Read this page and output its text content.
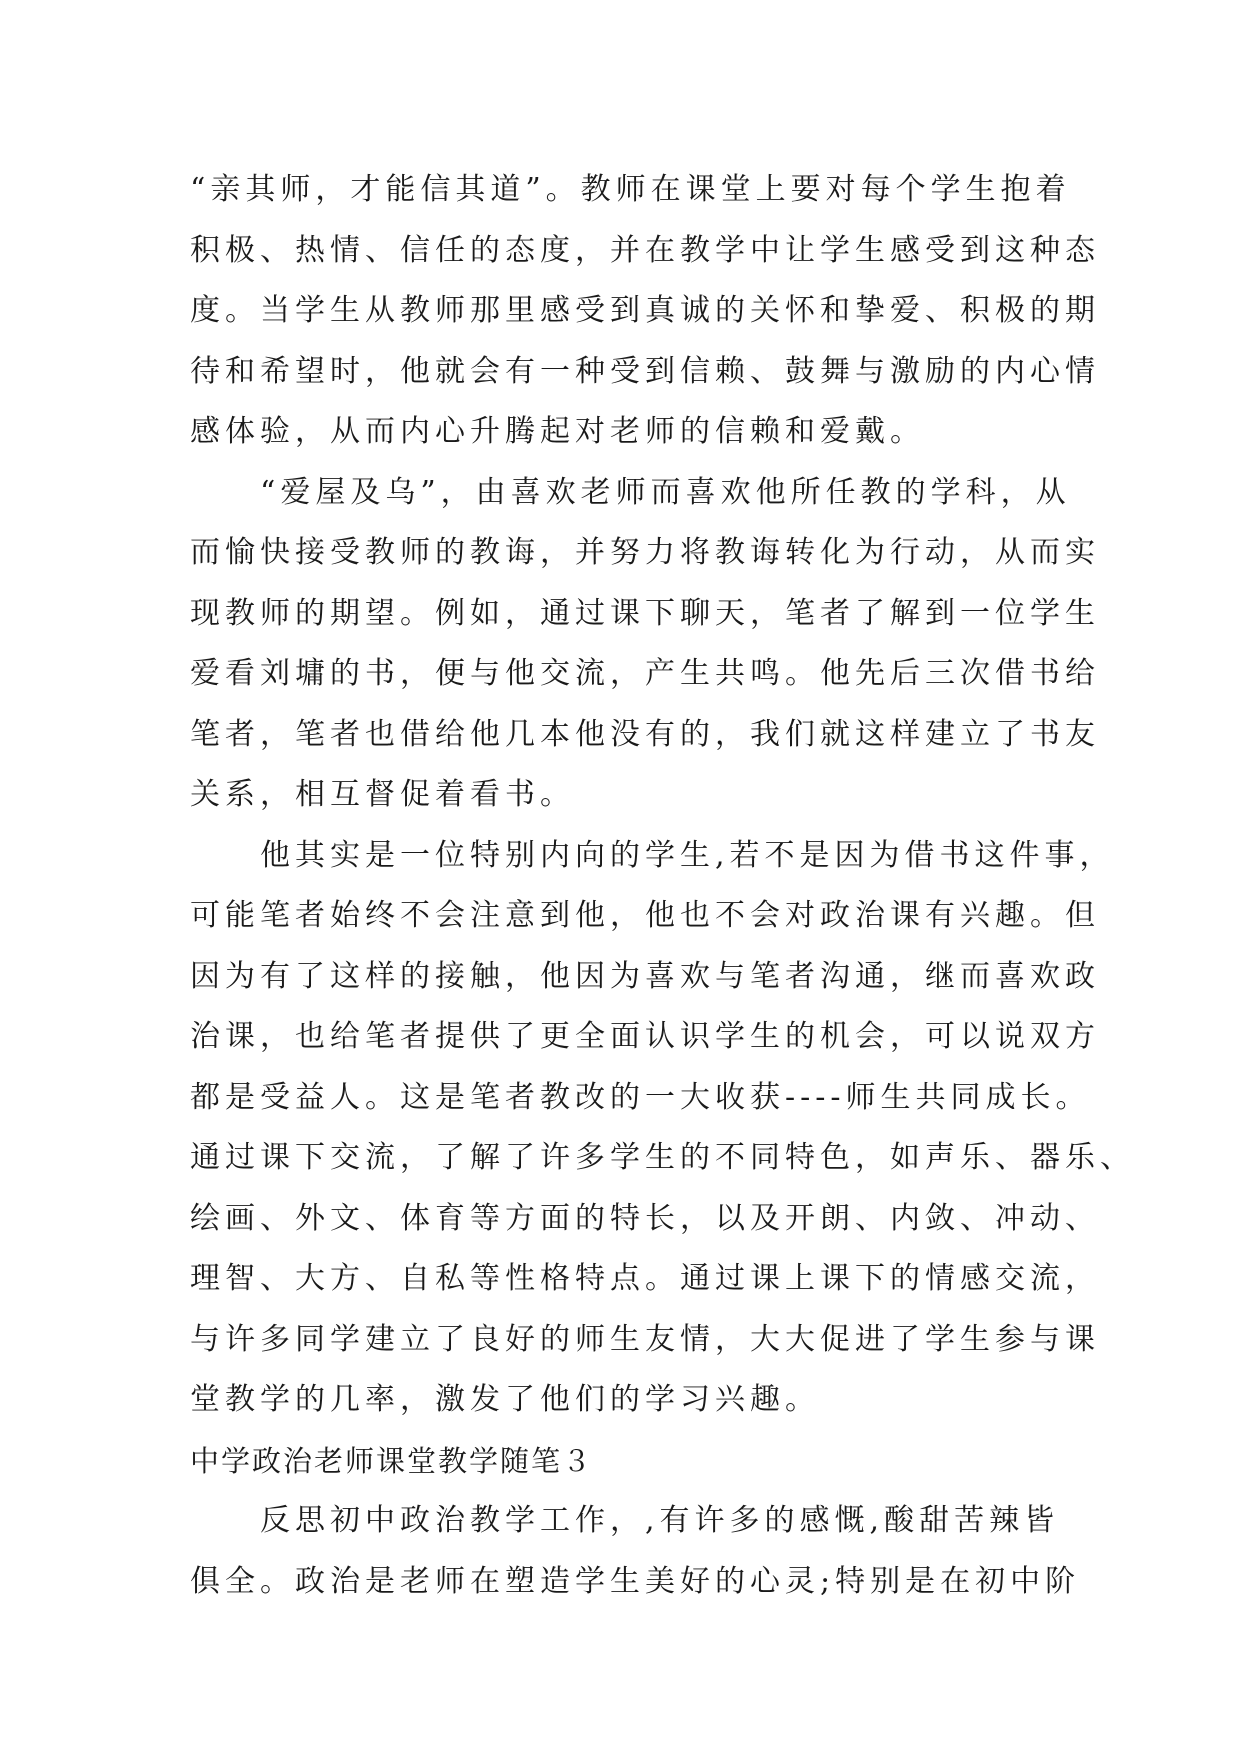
“亲其师，才能信其道”。教师在课堂上要对每个学生抱着
积极、热情、信任的态度，并在教学中让学生感受到这种态
度。当学生从教师那里感受到真诚的关怀和挚爱、积极的期
待和希望时，他就会有一种受到信赖、鼓舞与激励的内心情
感体验，从而内心升腾起对老师的信赖和爱戴。
　　“爱屋及乌”，由喜欢老师而喜欢他所任教的学科，从
而愉快接受教师的教诲，并努力将教诲转化为行动，从而实
现教师的期望。例如，通过课下聊天，笔者了解到一位学生
爱看刘墉的书，便与他交流，产生共鸣。他先后三次借书给
笔者，笔者也借给他几本他没有的，我们就这样建立了书友
关系，相互督促着看书。
　　他其实是一位特别内向的学生,若不是因为借书这件事，
可能笔者始终不会注意到他，他也不会对政治课有兴趣。但
因为有了这样的接触，他因为喜欢与笔者沟通，继而喜欢政
治课，也给笔者提供了更全面认识学生的机会，可以说双方
都是受益人。这是笔者教改的一大收获----师生共同成长。
通过课下交流，了解了许多学生的不同特色，如声乐、器乐、
绘画、外文、体育等方面的特长，以及开朗、内敛、冲动、
理智、大方、自私等性格特点。通过课上课下的情感交流，
与许多同学建立了良好的师生友情，大大促进了学生参与课
堂教学的几率，激发了他们的学习兴趣。
中学政治老师课堂教学随笔３
　　反思初中政治教学工作，,有许多的感慨,酸甜苦辣皆
俱全。政治是老师在塑造学生美好的心灵;特别是在初中阶
